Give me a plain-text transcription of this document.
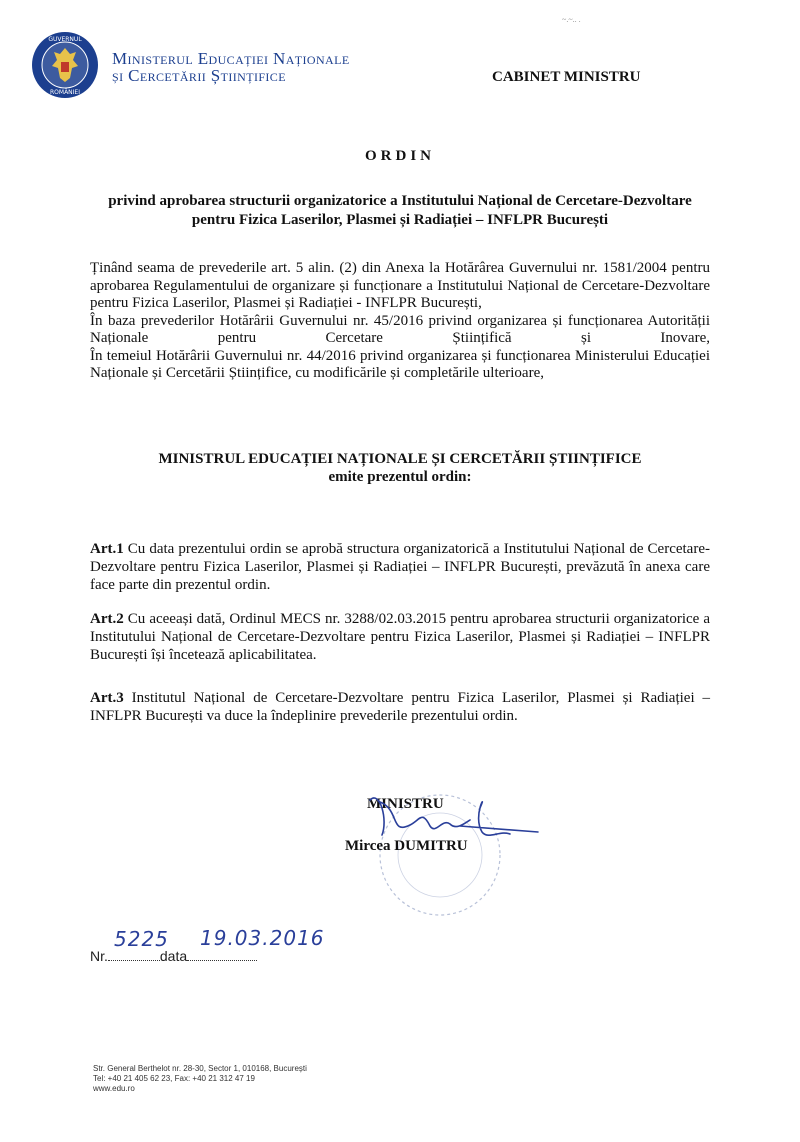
GUVERNUL
ROMÂNIEI
Ministerul Educației Naționale
și Cercetării Științifice
~.~.. .
CABINET MINISTRU
ORDIN
privind aprobarea structurii organizatorice a Institutului Național de Cercetare-Dezvoltare
pentru Fizica Laserilor, Plasmei și Radiației – INFLPR București

Ținând seama de prevederile art. 5 alin. (2) din Anexa la Hotărârea Guvernului nr. 1581/2004 pentru aprobarea Regulamentului de organizare și funcționare a Institutului Național de Cercetare-Dezvoltare pentru Fizica Laserilor, Plasmei și Radiației - INFLPR București,

În baza prevederilor Hotărârii Guvernului nr. 45/2016 privind organizarea și funcționarea Autorității Naționale pentru Cercetare Științifică și Inovare,

În temeiul Hotărârii Guvernului nr. 44/2016 privind organizarea și funcționarea Ministerului Educației Naționale și Cercetării Științifice, cu modificările și completările ulterioare,

MINISTRUL EDUCAȚIEI NAȚIONALE ȘI CERCETĂRII ȘTIINȚIFICE
emite prezentul ordin:
Art.1 Cu data prezentului ordin se aprobă structura organizatorică a Institutului Național de Cercetare-Dezvoltare pentru Fizica Laserilor, Plasmei și Radiației – INFLPR București, prevăzută în anexa care face parte din prezentul ordin.
Art.2 Cu aceeași dată, Ordinul MECS nr. 3288/02.03.2015 pentru aprobarea structurii organizatorice a Institutului Național de Cercetare-Dezvoltare pentru Fizica Laserilor, Plasmei și Radiației – INFLPR București își încetează aplicabilitatea.
Art.3 Institutul Național de Cercetare-Dezvoltare pentru Fizica Laserilor, Plasmei și Radiației – INFLPR București va duce la îndeplinire prevederile prezentului ordin.
MINISTRU
Mircea DUMITRU
Nr.	data
5225 19.03.2016
Str. General Berthelot nr. 28-30, Sector 1, 010168, București
Tel: +40 21 405 62 23, Fax: +40 21 312 47 19
www.edu.ro
